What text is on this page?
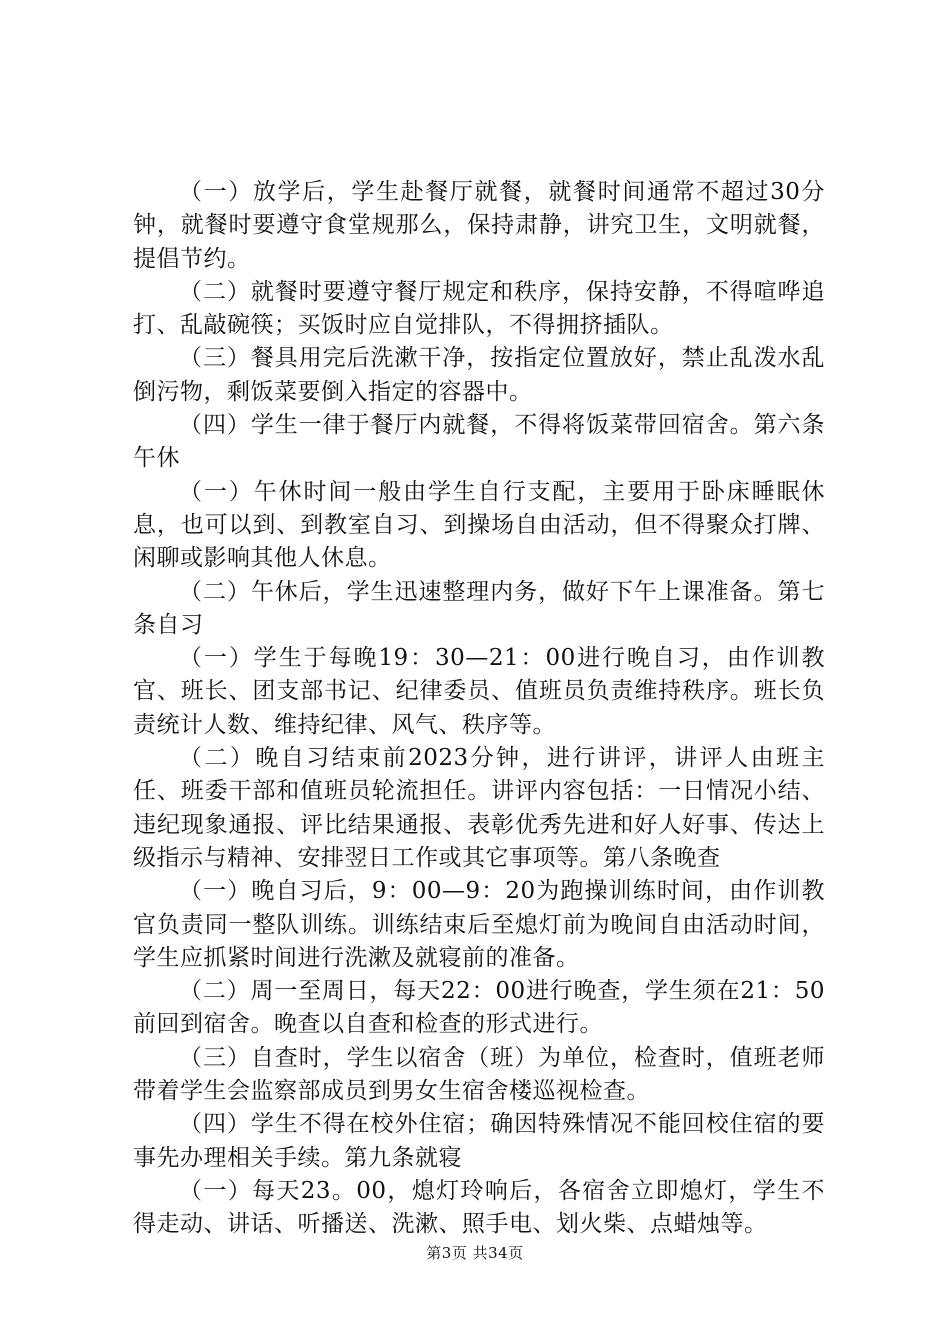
（一）放学后，学生赴餐厅就餐，就餐时间通常不超过30分钟，就餐时要遵守食堂规那么，保持肃静，讲究卫生，文明就餐，提倡节约。

（二）就餐时要遵守餐厅规定和秩序，保持安静，不得喧哗追打、乱敲碗筷；买饭时应自觉排队，不得拥挤插队。

（三）餐具用完后洗漱干净，按指定位置放好，禁止乱泼水乱倒污物，剩饭菜要倒入指定的容器中。

（四）学生一律于餐厅内就餐，不得将饭菜带回宿舍。第六条午休

（一）午休时间一般由学生自行支配，主要用于卧床睡眠休息，也可以到、到教室自习、到操场自由活动，但不得聚众打牌、闲聊或影响其他人休息。

（二）午休后，学生迅速整理内务，做好下午上课准备。第七条自习

（一）学生于每晚19：30—21：00进行晚自习，由作训教官、班长、团支部书记、纪律委员、值班员负责维持秩序。班长负责统计人数、维持纪律、风气、秩序等。

（二）晚自习结束前2023分钟，进行讲评，讲评人由班主任、班委干部和值班员轮流担任。讲评内容包括：一日情况小结、违纪现象通报、评比结果通报、表彰优秀先进和好人好事、传达上级指示与精神、安排翌日工作或其它事项等。第八条晚查

（一）晚自习后，9：00—9：20为跑操训练时间，由作训教官负责同一整队训练。训练结束后至熄灯前为晚间自由活动时间，学生应抓紧时间进行洗漱及就寝前的准备。

（二）周一至周日，每天22：00进行晚查，学生须在21：50前回到宿舍。晚查以自查和检查的形式进行。

（三）自查时，学生以宿舍（班）为单位，检查时，值班老师带着学生会监察部成员到男女生宿舍楼巡视检查。

（四）学生不得在校外住宿；确因特殊情况不能回校住宿的要事先办理相关手续。第九条就寝

（一）每天23。00，熄灯玲响后，各宿舍立即熄灯，学生不得走动、讲话、听播送、洗漱、照手电、划火柴、点蜡烛等。

第3页 共34页
